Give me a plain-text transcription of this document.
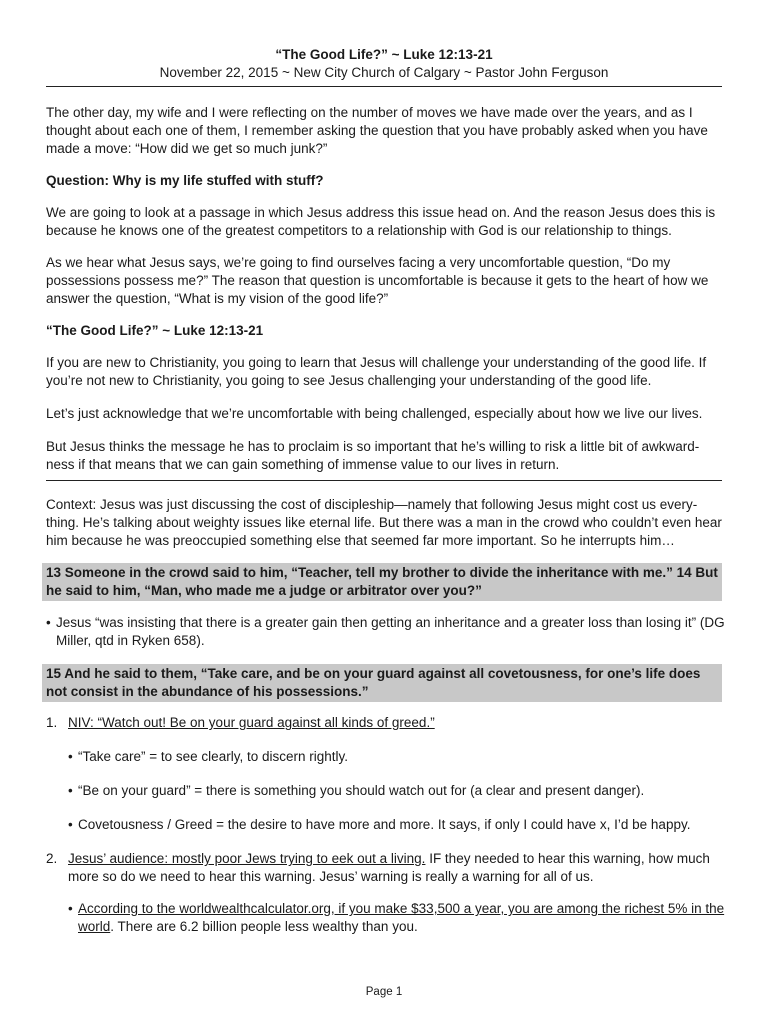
“The Good Life?” ~ Luke 12:13-21
November 22, 2015 ~ New City Church of Calgary ~ Pastor John Ferguson

The other day, my wife and I were reflecting on the number of moves we have made over the years, and as I thought about each one of them, I remember asking the question that you have probably asked when you have made a move: “How did we get so much junk?”

Question: Why is my life stuffed with stuff?

We are going to look at a passage in which Jesus address this issue head on. And the reason Jesus does this is because he knows one of the greatest competitors to a relationship with God is our relationship to things.

As we hear what Jesus says, we’re going to find ourselves facing a very uncomfortable question, “Do my possessions possess me?” The reason that question is uncomfortable is because it gets to the heart of how we answer the question, “What is my vision of the good life?”

“The Good Life?” ~ Luke 12:13-21

If you are new to Christianity, you going to learn that Jesus will challenge your understanding of the good life. If you’re not new to Christianity, you going to see Jesus challenging your understanding of the good life.

Let’s just acknowledge that we’re uncomfortable with being challenged, especially about how we live our lives.

But Jesus thinks the message he has to proclaim is so important that he’s willing to risk a little bit of awkward-ness if that means that we can gain something of immense value to our lives in return.

Context: Jesus was just discussing the cost of discipleship—namely that following Jesus might cost us every-thing. He’s talking about weighty issues like eternal life. But there was a man in the crowd who couldn’t even hear him because he was preoccupied something else that seemed far more important. So he interrupts him…

13 Someone in the crowd said to him, “Teacher, tell my brother to divide the inheritance with me.” 14 But he said to him, “Man, who made me a judge or arbitrator over you?”
• Jesus “was insisting that there is a greater gain then getting an inheritance and a greater loss than losing it” (DG Miller, qtd in Ryken 658).
15 And he said to them, “Take care, and be on your guard against all covetousness, for one’s life does not consist in the abundance of his possessions.”
1. NIV: “Watch out! Be on your guard against all kinds of greed.”
• “Take care” = to see clearly, to discern rightly.
• “Be on your guard” = there is something you should watch out for (a clear and present danger).
• Covetousness / Greed = the desire to have more and more. It says, if only I could have x, I’d be happy.
2. Jesus’ audience: mostly poor Jews trying to eek out a living. IF they needed to hear this warning, how much more so do we need to hear this warning. Jesus’ warning is really a warning for all of us.
• According to the worldwealthcalculator.org, if you make $33,500 a year, you are among the richest 5% in the world. There are 6.2 billion people less wealthy than you.
Page 1
